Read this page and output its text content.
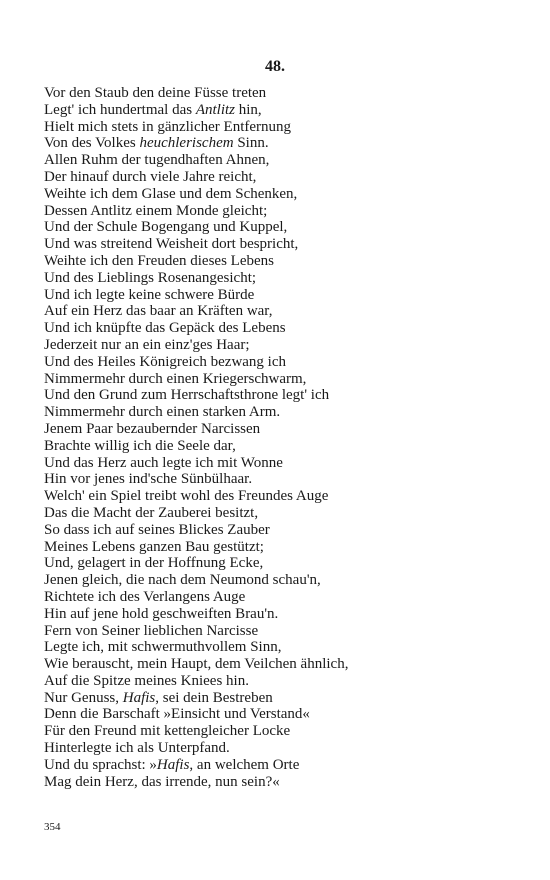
48.
Vor den Staub den deine Füsse treten
Legt' ich hundertmal das Antlitz hin,
Hielt mich stets in gänzlicher Entfernung
Von des Volkes heuchlerischem Sinn.
Allen Ruhm der tugendhaften Ahnen,
Der hinauf durch viele Jahre reicht,
Weihte ich dem Glase und dem Schenken,
Dessen Antlitz einem Monde gleicht;
Und der Schule Bogengang und Kuppel,
Und was streitend Weisheit dort bespricht,
Weihte ich den Freuden dieses Lebens
Und des Lieblings Rosenangesicht;
Und ich legte keine schwere Bürde
Auf ein Herz das baar an Kräften war,
Und ich knüpfte das Gepäck des Lebens
Jederzeit nur an ein einz'ges Haar;
Und des Heiles Königreich bezwang ich
Nimmermehr durch einen Kriegerschwarm,
Und den Grund zum Herrschaftsthrone legt' ich
Nimmermehr durch einen starken Arm.
Jenem Paar bezaubernder Narcissen
Brachte willig ich die Seele dar,
Und das Herz auch legte ich mit Wonne
Hin vor jenes ind'sche Sünbülhaar.
Welch' ein Spiel treibt wohl des Freundes Auge
Das die Macht der Zauberei besitzt,
So dass ich auf seines Blickes Zauber
Meines Lebens ganzen Bau gestützt;
Und, gelagert in der Hoffnung Ecke,
Jenen gleich, die nach dem Neumond schau'n,
Richtete ich des Verlangens Auge
Hin auf jene hold geschweiften Brau'n.
Fern von Seiner lieblichen Narcisse
Legte ich, mit schwermuthvollem Sinn,
Wie berauscht, mein Haupt, dem Veilchen ähnlich,
Auf die Spitze meines Kniees hin.
Nur Genuss, Hafis, sei dein Bestreben
Denn die Barschaft »Einsicht und Verstand«
Für den Freund mit kettengleicher Locke
Hinterlegte ich als Unterpfand.
Und du sprachst: »Hafis, an welchem Orte
Mag dein Herz, das irrende, nun sein?«
354
